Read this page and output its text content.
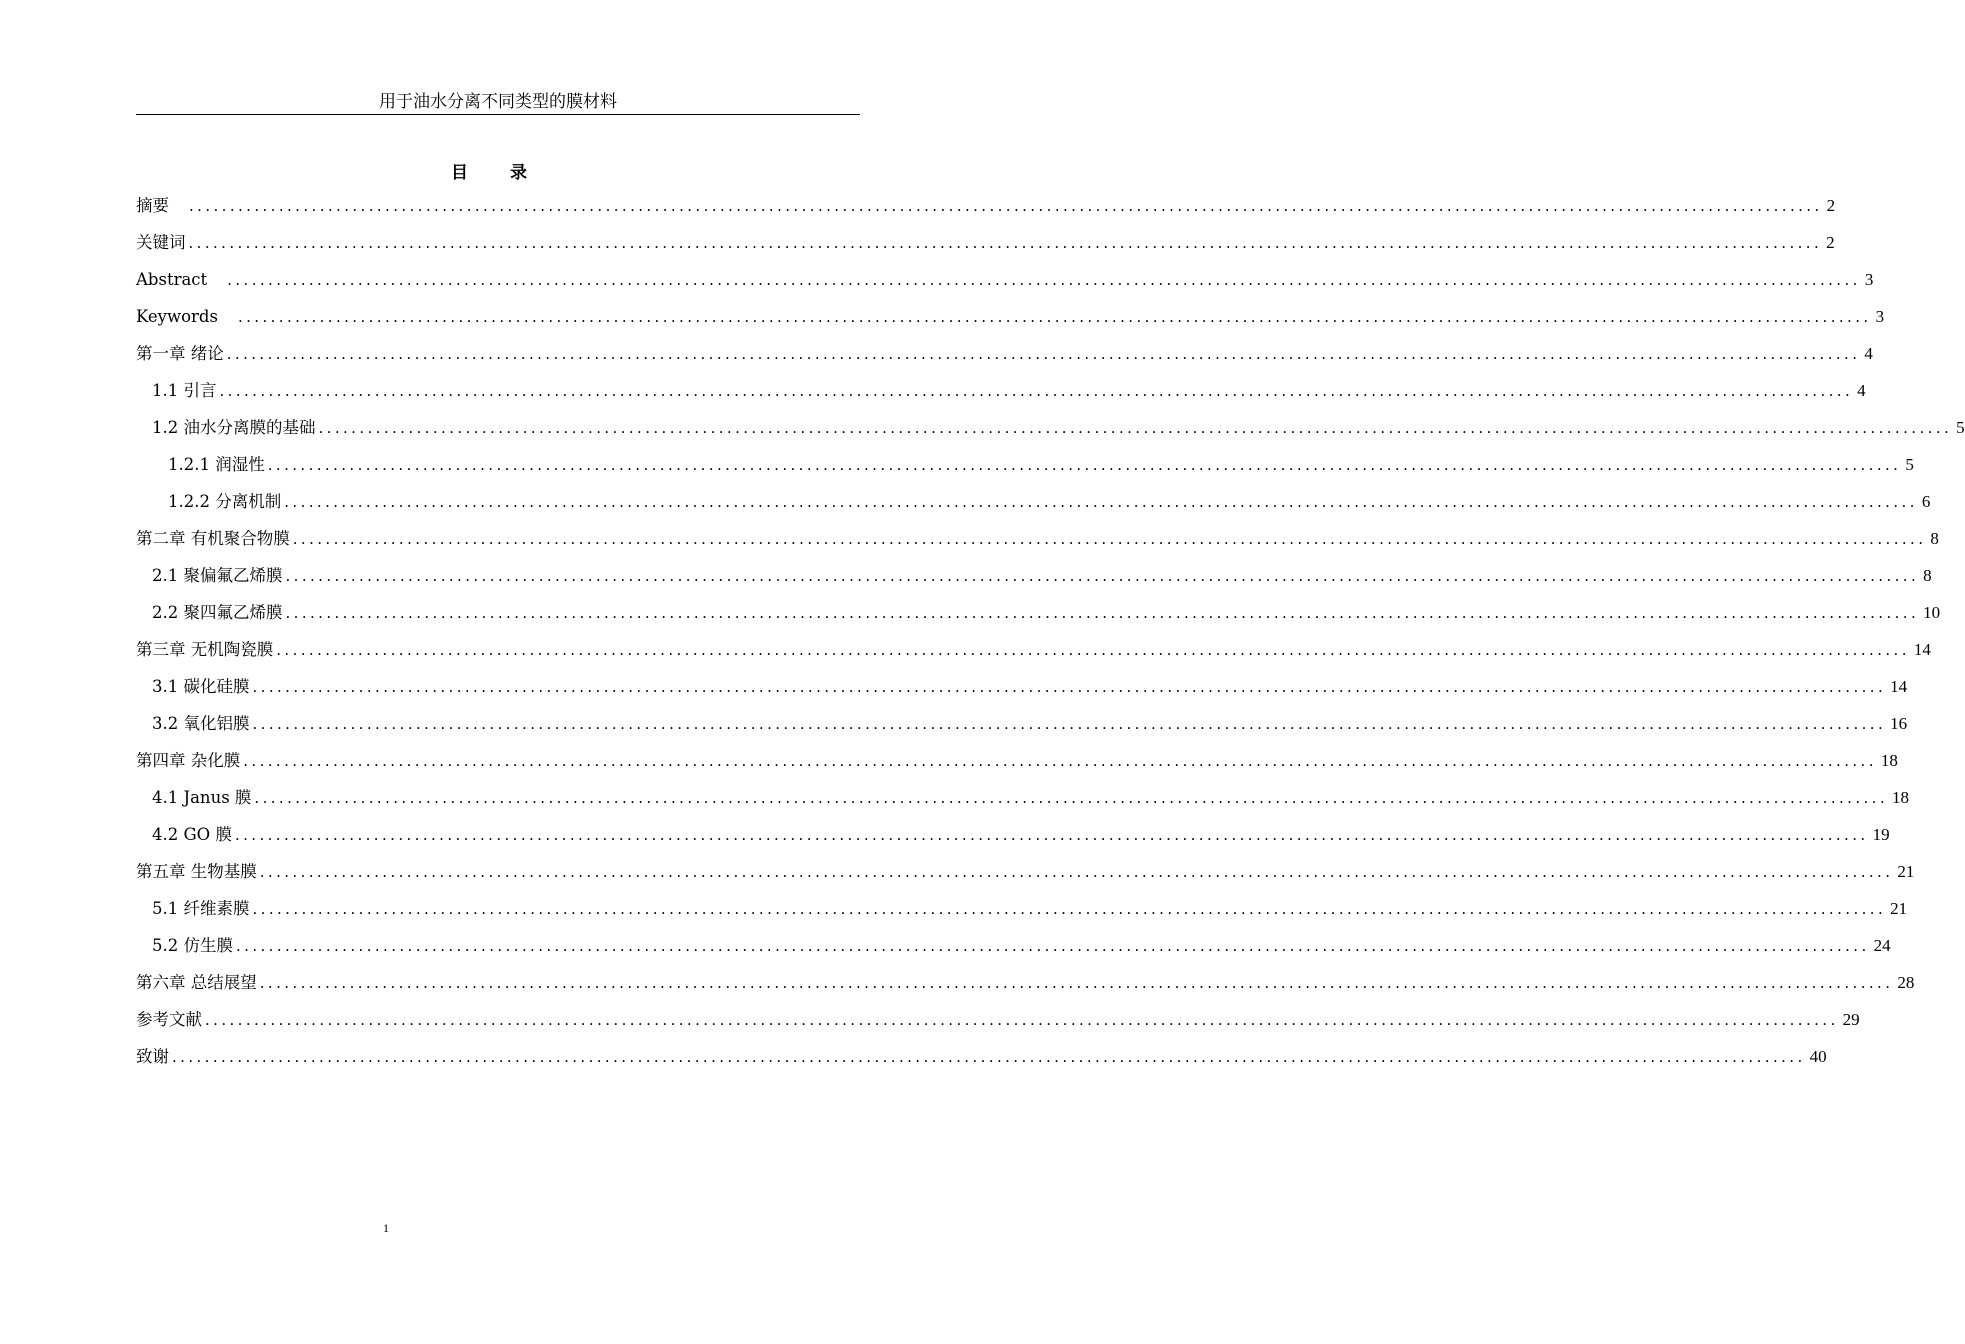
用于油水分离不同类型的膜材料
目 录
摘要 ........................................................................................................................................................................................................ 2
关键词 ........................................................................................................................................................................................................ 2
Abstract ........................................................................................................................................................................................................ 3
Keywords ........................................................................................................................................................................................................ 3
第一章 绪论 ........................................................................................................................................................................................................ 4
1.1 引言 ........................................................................................................................................................................................................ 4
1.2 油水分离膜的基础 ........................................................................................................................................................................................................ 5
1.2.1 润湿性 ........................................................................................................................................................................................................ 5
1.2.2 分离机制 ........................................................................................................................................................................................................ 6
第二章 有机聚合物膜 ........................................................................................................................................................................................................ 8
2.1 聚偏氟乙烯膜 ........................................................................................................................................................................................................ 8
2.2 聚四氟乙烯膜 ........................................................................................................................................................................................................ 10
第三章 无机陶瓷膜 ........................................................................................................................................................................................................ 14
3.1 碳化硅膜 ........................................................................................................................................................................................................ 14
3.2 氧化铝膜 ........................................................................................................................................................................................................ 16
第四章 杂化膜 ........................................................................................................................................................................................................ 18
4.1 Janus 膜 ........................................................................................................................................................................................................ 18
4.2 GO 膜 ........................................................................................................................................................................................................ 19
第五章 生物基膜 ........................................................................................................................................................................................................ 21
5.1 纤维素膜 ........................................................................................................................................................................................................ 21
5.2 仿生膜 ........................................................................................................................................................................................................ 24
第六章 总结展望 ........................................................................................................................................................................................................ 28
参考文献 ........................................................................................................................................................................................................ 29
致谢 ........................................................................................................................................................................................................ 40
1
